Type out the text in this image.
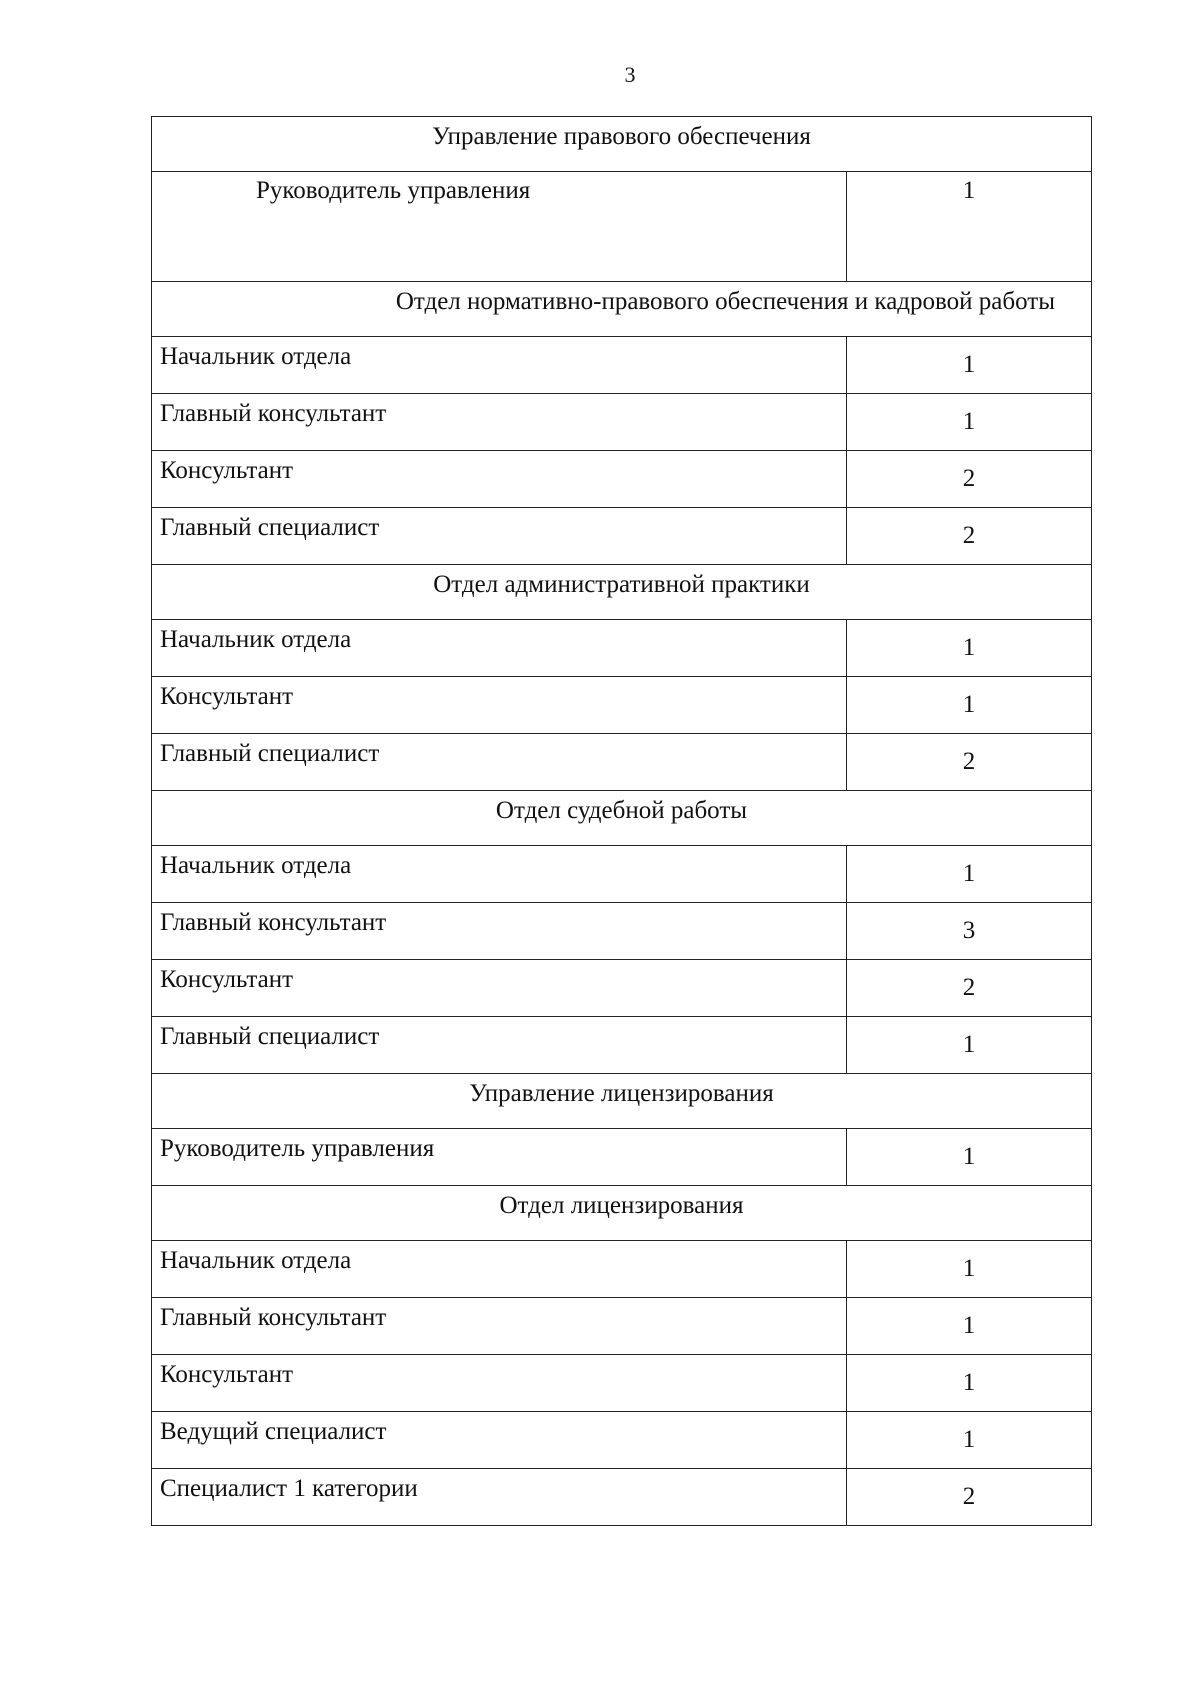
3
Управление правового обеспечения	
Руководитель управления	1
Отдел нормативно-правового обеспечения и кадровой работы	
Начальник отдела	1
Главный консультант	1
Консультант	2
Главный специалист	2
Отдел административной практики	
Начальник отдела	1
Консультант	1
Главный специалист	2
Отдел судебной работы	
Начальник отдела	1
Главный консультант	3
Консультант	2
Главный специалист	1
Управление лицензирования	
Руководитель управления	1
Отдел лицензирования	
Начальник отдела	1
Главный консультант	1
Консультант	1
Ведущий специалист	1
Специалист 1 категории	2
